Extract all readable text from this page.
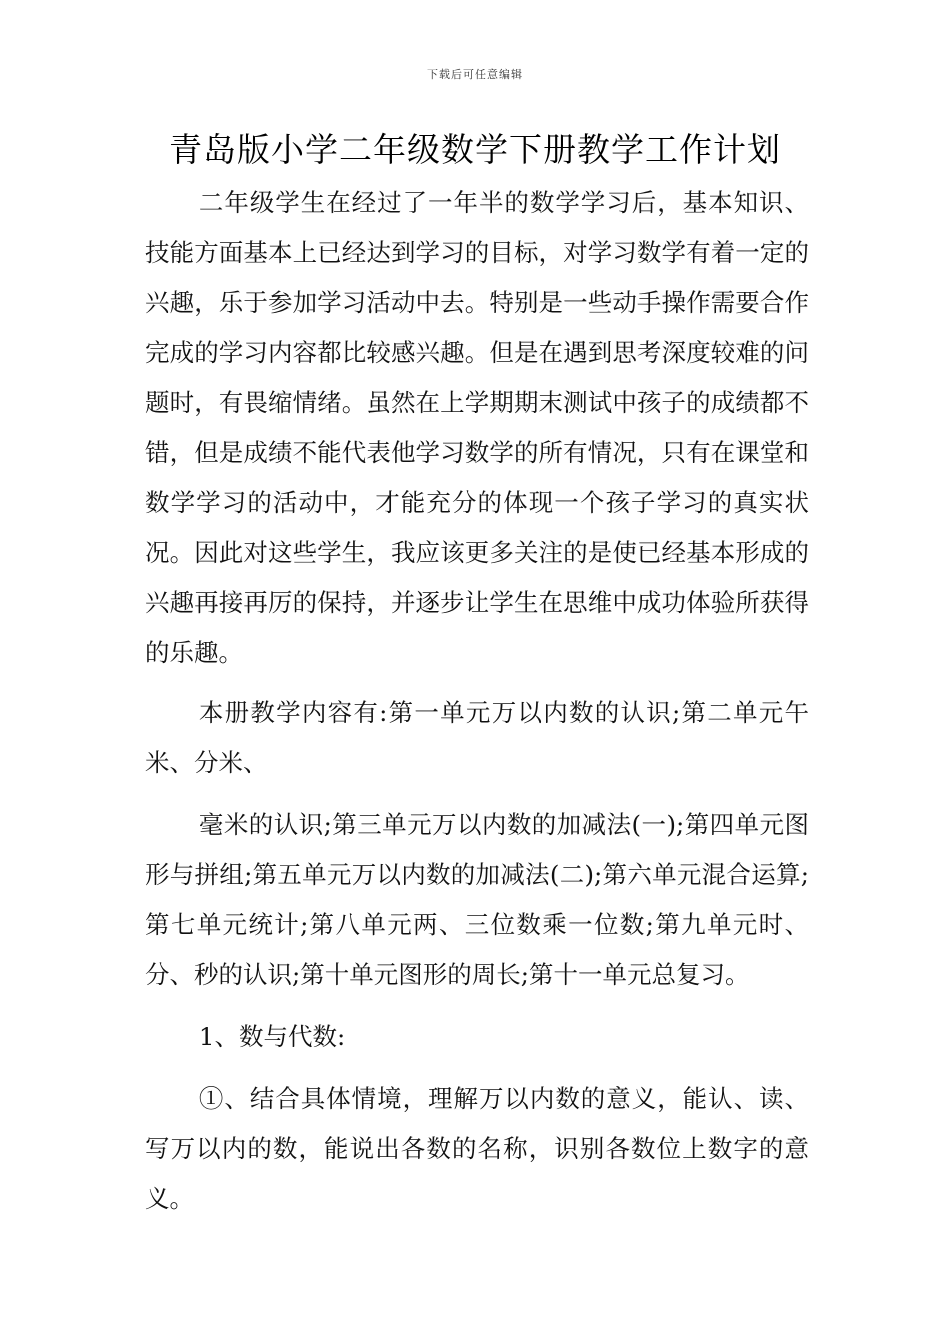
下载后可任意编辑
青岛版小学二年级数学下册教学工作计划

二年级学生在经过了一年半的数学学习后，基本知识、技能方面基本上已经达到学习的目标，对学习数学有着一定的兴趣，乐于参加学习活动中去。特别是一些动手操作需要合作完成的学习内容都比较感兴趣。但是在遇到思考深度较难的问题时，有畏缩情绪。虽然在上学期期末测试中孩子的成绩都不错，但是成绩不能代表他学习数学的所有情况，只有在课堂和数学学习的活动中，才能充分的体现一个孩子学习的真实状况。因此对这些学生，我应该更多关注的是使已经基本形成的兴趣再接再厉的保持，并逐步让学生在思维中成功体验所获得的乐趣。

本册教学内容有:第一单元万以内数的认识;第二单元午米、分米、

毫米的认识;第三单元万以内数的加减法(一);第四单元图形与拼组;第五单元万以内数的加减法(二);第六单元混合运算;第七单元统计;第八单元两、三位数乘一位数;第九单元时、分、秒的认识;第十单元图形的周长;第十一单元总复习。

1、数与代数:

①、结合具体情境，理解万以内数的意义，能认、读、写万以内的数，能说出各数的名称，识别各数位上数字的意义。
